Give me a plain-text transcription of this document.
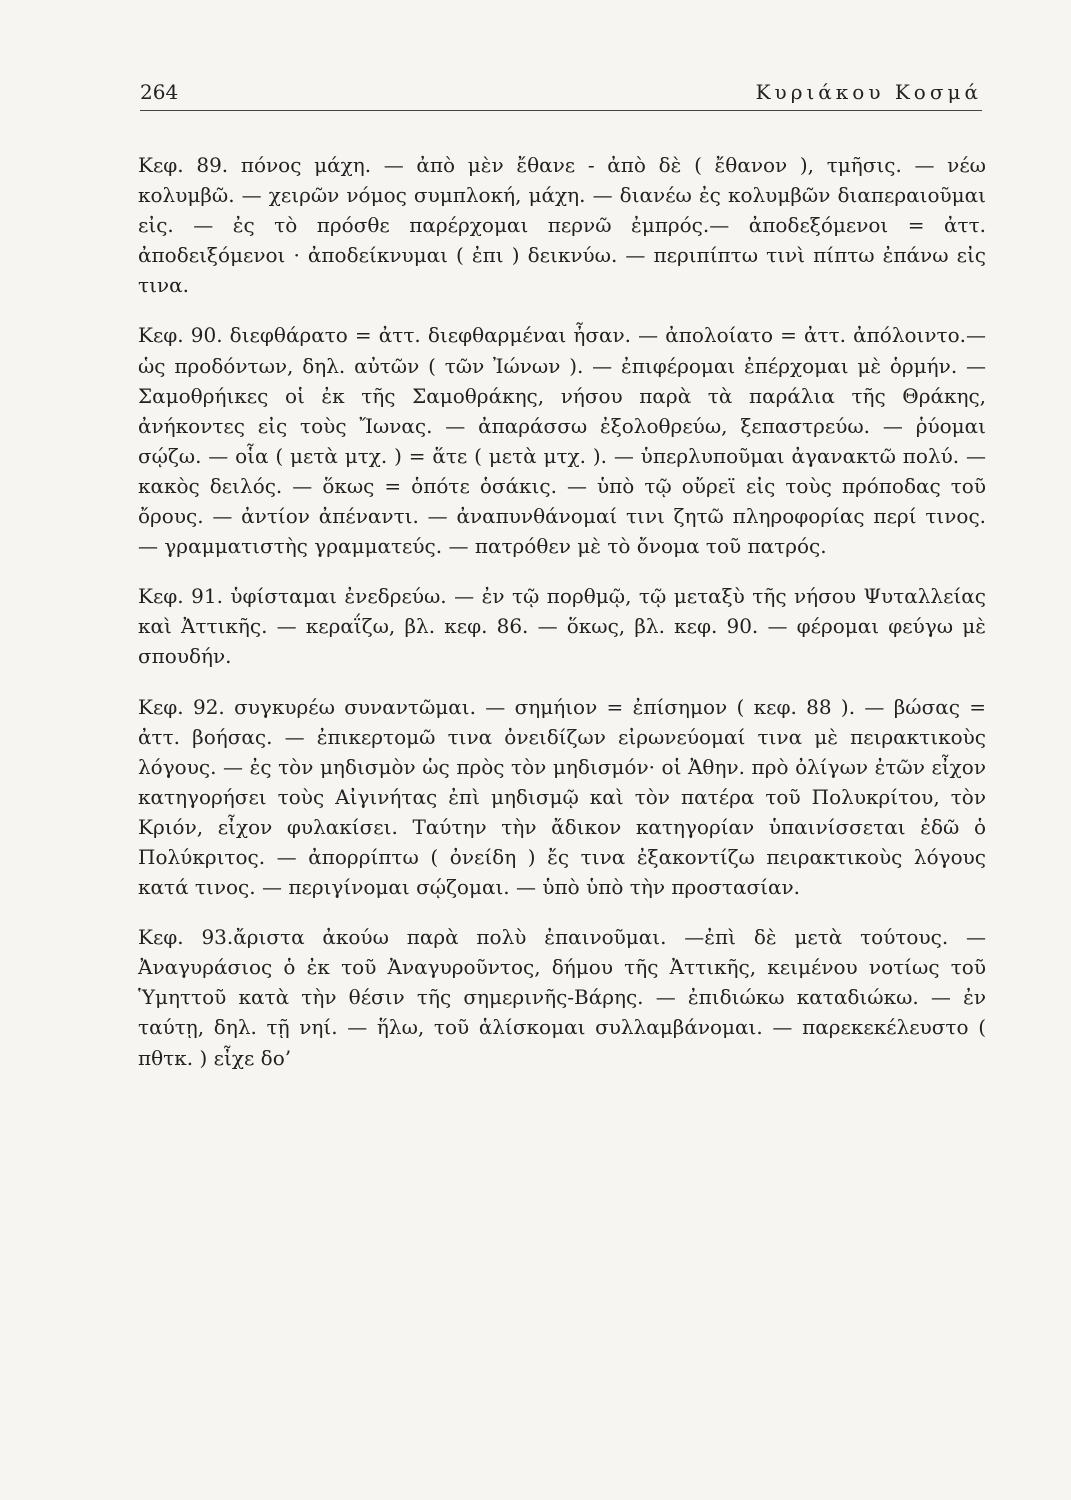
264	Κυριάκου Κοσμά

Κεφ. 89. πόνος μάχη. — ἀπὸ μὲν ἔθανε - ἀπὸ δὲ ( ἔθανον ), τμῆσις. — νέω κολυμβῶ. — χειρῶν νόμος συμπλοκή, μάχη. — διανέω ἐς κολυμβῶν διαπεραιοῦμαι εἰς. — ἐς τὸ πρόσθε παρέρχομαι περνῶ ἐμπρός.— ἀποδεξόμενοι = ἀττ. ἀποδειξόμενοι · ἀποδείκνυμαι ( ἐπι ) δεικνύω. — περιπίπτω τινὶ πίπτω ἐπάνω εἰς τινα.

Κεφ. 90. διεφθάρατο = ἀττ. διεφθαρμέναι ἦσαν. — ἀπολοίατο = ἀττ. ἀπόλοιντο.— ὡς προδόντων, δηλ. αὐτῶν ( τῶν Ἰώνων ). — ἐπιφέρομαι ἐπέρχομαι μὲ ὁρμήν. — Σαμοθρήικες οἱ ἐκ τῆς Σαμοθράκης, νήσου παρὰ τὰ παράλια τῆς Θράκης, ἀνήκοντες εἰς τοὺς Ἴωνας. — ἀπαράσσω ἐξολοθρεύω, ξεπαστρεύω. — ῥύομαι σῴζω. — οἷα ( μετὰ μτχ. ) = ἅτε ( μετὰ μτχ. ). — ὑπερλυποῦμαι ἀγανακτῶ πολύ. — κακὸς δειλός. — ὅκως = ὁπότε ὁσάκις. — ὑπὸ τῷ οὔρεϊ εἰς τοὺς πρόποδας τοῦ ὄρους. — ἀντίον ἀπέναντι. — ἀναπυνθάνομαί τινι ζητῶ πληροφορίας περί τινος. — γραμματιστὴς γραμματεύς. — πατρόθεν μὲ τὸ ὄνομα τοῦ πατρός.

Κεφ. 91. ὑφίσταμαι ἐνεδρεύω. — ἐν τῷ πορθμῷ, τῷ μεταξὺ τῆς νήσου Ψυταλλείας καὶ Ἀττικῆς. — κεραΐζω, βλ. κεφ. 86. — ὅκως, βλ. κεφ. 90. — φέρομαι φεύγω μὲ σπουδήν.

Κεφ. 92. συγκυρέω συναντῶμαι. — σημήιον = ἐπίσημον ( κεφ. 88 ). — βώσας = ἀττ. βοήσας. — ἐπικερτομῶ τινα ὀνειδίζων εἰρωνεύομαί τινα μὲ πειρακτικοὺς λόγους. — ἐς τὸν μηδισμὸν ὡς πρὸς τὸν μηδισμόν· οἱ Ἀθην. πρὸ ὀλίγων ἐτῶν εἶχον κατηγορήσει τοὺς Αἰγινήτας ἐπὶ μηδισμῷ καὶ τὸν πατέρα τοῦ Πολυκρίτου, τὸν Κριόν, εἶχον φυλακίσει. Ταύτην τὴν ἄδικον κατηγορίαν ὑπαινίσσεται ἐδῶ ὁ Πολύκριτος. — ἀπορρίπτω ( ὀνείδη ) ἔς τινα ἐξακοντίζω πειρακτικοὺς λόγους κατά τινος. — περιγίνομαι σῴζομαι. — ὑπὸ ὑπὸ τὴν προστασίαν.

Κεφ. 93.ἄριστα ἀκούω παρὰ πολὺ ἐπαινοῦμαι. —ἐπὶ δὲ μετὰ τούτους. — Ἀναγυράσιος ὁ ἐκ τοῦ Ἀναγυροῦντος, δήμου τῆς Ἀττικῆς, κειμένου νοτίως τοῦ Ὑμηττοῦ κατὰ τὴν θέσιν τῆς σημερινῆς-Βάρης. — ἐπιδιώκω καταδιώκω. — ἐν ταύτῃ, δηλ. τῇ νηί. — ἥλω, τοῦ ἁλίσκομαι συλλαμβάνομαι. — παρεκεκέλευστο ( πθτκ. ) εἶχε δο’
